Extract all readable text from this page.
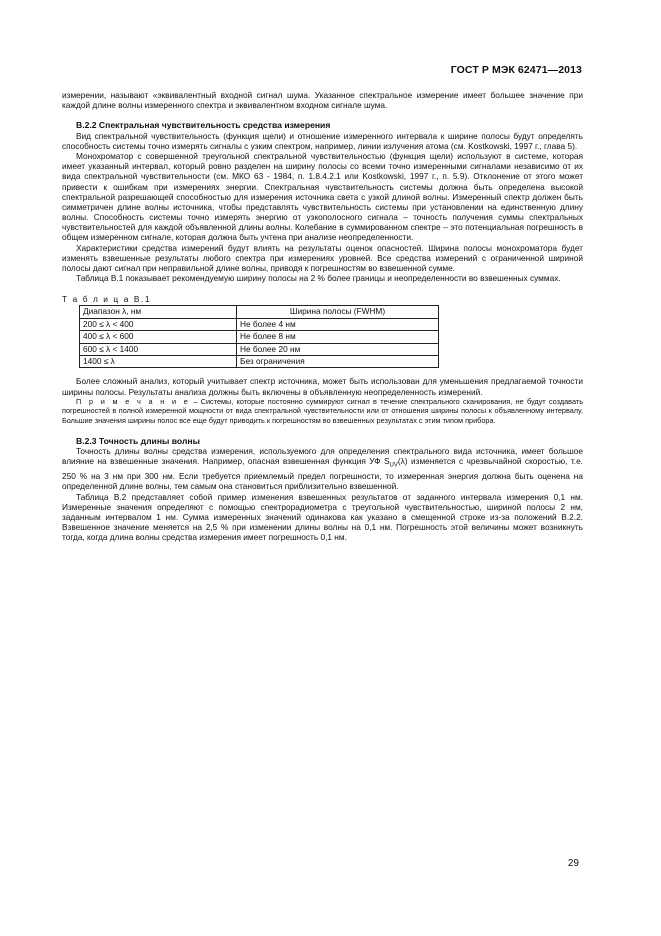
ГОСТ Р МЭК 62471—2013

измерении, называют «эквивалентный входной сигнал шума. Указанное спектральное измерение имеет большее значение при каждой длине волны измеренного спектра и эквивалентном входном сигнале шума.

В.2.2 Спектральная чувствительность средства измерения

Вид спектральной чувствительность (функция щели) и отношение измеренного интервала к ширине полосы будут определять способность системы точно измерять сигналы с узким спектром, например, линии излучения атома (см. Kostkowski, 1997 г., глава 5).

Монохроматор с совершенной треугольной спектральной чувствительностью (функция щели) используют в системе, которая имеет указанный интервал, который ровно разделен на ширину полосы со всеми точно измеренными сигналами независимо от их вида спектральной чувствительности (см. МКО 63 - 1984, п. 1.8.4.2.1 или Kostkowski, 1997 г., п. 5.9). Отклонение от этого может привести к ошибкам при измерениях энергии. Спектральная чувствительность системы должна быть определена высокой спектральной разрешающей способностью для измерения источника света с узкой длиной волны. Измеренный спектр должен быть симметричен длине волны источника, чтобы представлять чувствительность системы при установлении на единственную длину волны. Способность системы точно измерять энергию от узкополосного сигнала – точность получения суммы спектральных чувствительностей для каждой объявленной длины волны. Колебание в суммированном спектре – это потенциальная погрешность в общем измеренном сигнале, которая должна быть учтена при анализе неопределенности.

Характеристики средства измерений будут влиять на результаты оценок опасностей. Ширина полосы монохроматора будет изменять взвешенные результаты любого спектра при измерениях уровней. Все средства измерений с ограниченной шириной полосы дают сигнал при неправильной длине волны, приводя к погрешностям во взвешенной сумме.

Таблица В.1 показывает рекомендуемую ширину полосы на 2 % более границы и неопределенности во взвешенных суммах.

Т а б л и ц а В.1
Диапазон λ, нм	Ширина полосы (FWHM)
200 ≤ λ < 400	Не более 4 нм
400 ≤ λ < 600	Не более 8 нм
600 ≤ λ < 1400	Не более 20 нм
1400 ≤ λ	Без ограничения

Более сложный анализ, который учитывает спектр источника, может быть использован для уменьшения предлагаемой точности ширины полосы. Результаты анализа должны быть включены в объявленную неопределенность измерений.

П р и м е ч а н и е – Системы, которые постоянно суммируют сигнал в течение спектрального сканирования, не будут создавать погрешностей в полной измеренной мощности от вида спектральной чувствительности или от отношения ширины полосы к объявленному интервалу. Большие значения ширины полос все еще будут приводить к погрешностям во взвешенных результатах с этим типом прибора.

В.2.3 Точность длины волны

Точность длины волны средства измерения, используемого для определения спектрального вида источника, имеет большое влияние на взвешенные значения. Например, опасная взвешенная функция УФ $S_{UV}(\lambda)$ изменяется с чрезвычайной скоростью, т.е. 250 % на 3 нм при 300 нм. Если требуется приемлемый предел погрешности, то измеренная энергия должна быть оценена на определенной длине волны, тем самым она становиться приблизительно взвешенной.

Таблица В.2 представляет собой пример изменения взвешенных результатов от заданного интервала измерения 0,1 нм. Измеренные значения определяют с помощью спектрорадиометра с треугольной чувствительностью, шириной полосы 2 нм, заданным интервалом 1 нм. Сумма измеренных значений одинакова как указано в смещенной строке из-за положений В.2.2. Взвешенное значение меняется на 2,5 % при изменении длины волны на 0,1 нм. Погрешность этой величины может возникнуть тогда, когда длина волны средства измерения имеет погрешность 0,1 нм.

29
